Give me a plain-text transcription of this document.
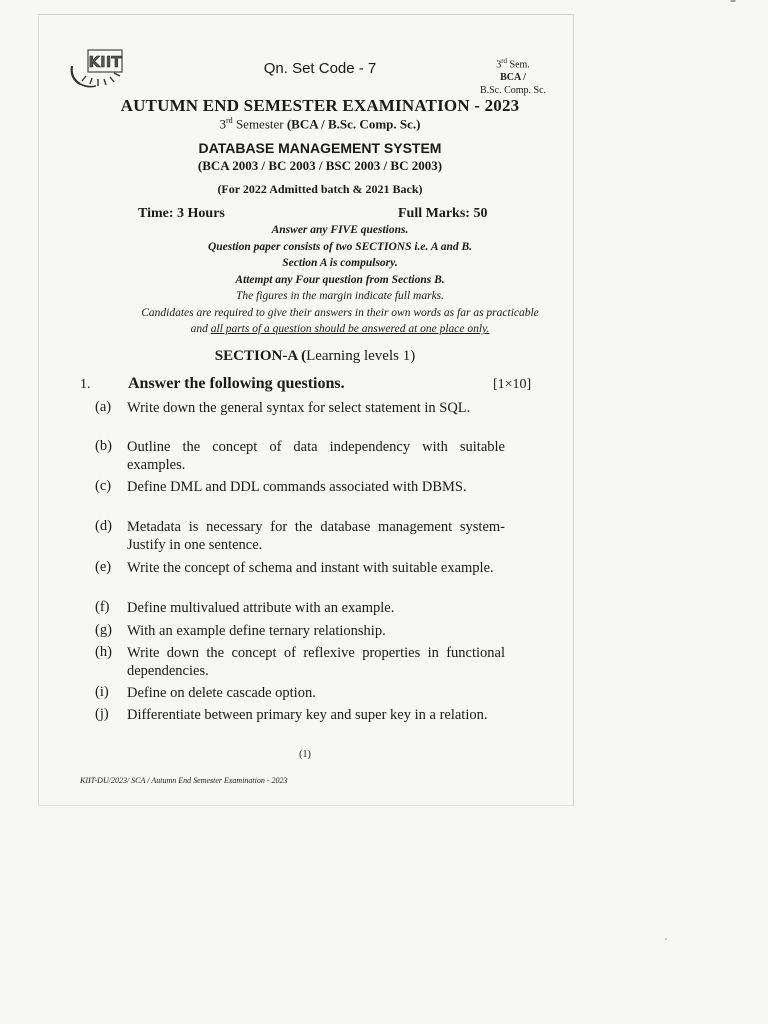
KIIT	Qn. Set Code - 7	3rd Sem.
BCA /
B.Sc. Comp. Sc.
AUTUMN END SEMESTER EXAMINATION - 2023
3rd Semester (BCA / B.Sc. Comp. Sc.)
DATABASE MANAGEMENT SYSTEM
(BCA 2003 / BC 2003 / BSC 2003 / BC 2003)
(For 2022 Admitted batch & 2021 Back)
Time: 3 Hours	Full Marks: 50
Answer any FIVE questions.
Question paper consists of two SECTIONS i.e. A and B.
Section A is compulsory.
Attempt any Four question from Sections B.
The figures in the margin indicate full marks.
Candidates are required to give their answers in their own words as far as practicable
and all parts of a question should be answered at one place only.
SECTION-A (Learning levels 1)
1. Answer the following questions.	[1×10]
(a) Write down the general syntax for select statement in SQL.
(b) Outline the concept of data independency with suitable examples.
(c) Define DML and DDL commands associated with DBMS.
(d) Metadata is necessary for the database management system- Justify in one sentence.
(e) Write the concept of schema and instant with suitable example.
(f) Define multivalued attribute with an example.
(g) With an example define ternary relationship.
(h) Write down the concept of reflexive properties in functional dependencies.
(i) Define on delete cascade option.
(j) Differentiate between primary key and super key in a relation.
(1)
KIIT-DU/2023/ SCA / Autumn End Semester Examination - 2023
